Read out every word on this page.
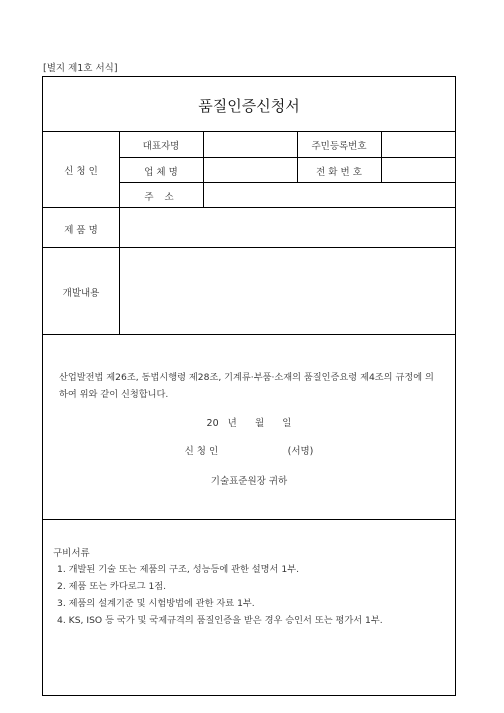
[별지 제1호 서식]
품질인증신청서
신 청 인
대표자명	주민등록번호
업 체 명	전 화 번 호
주 소
제 품 명
개발내용
산업발전법 제26조, 동법시행령 제28조, 기계류·부품·소재의 품질인증요령 제4조의 규정에 의하여 위와 같이 신청합니다.
20   년      월      일
신 청 인                       (서명)
기술표준원장 귀하
구비서류
1. 개발된 기술 또는 제품의 구조, 성능등에 관한 설명서 1부.
2. 제품 또는 카다로그 1점.
3. 제품의 설계기준 및 시험방법에 관한 자료 1부.
4. KS, ISO 등 국가 및 국제규격의 품질인증을 받은 경우 승인서 또는 평가서 1부.
